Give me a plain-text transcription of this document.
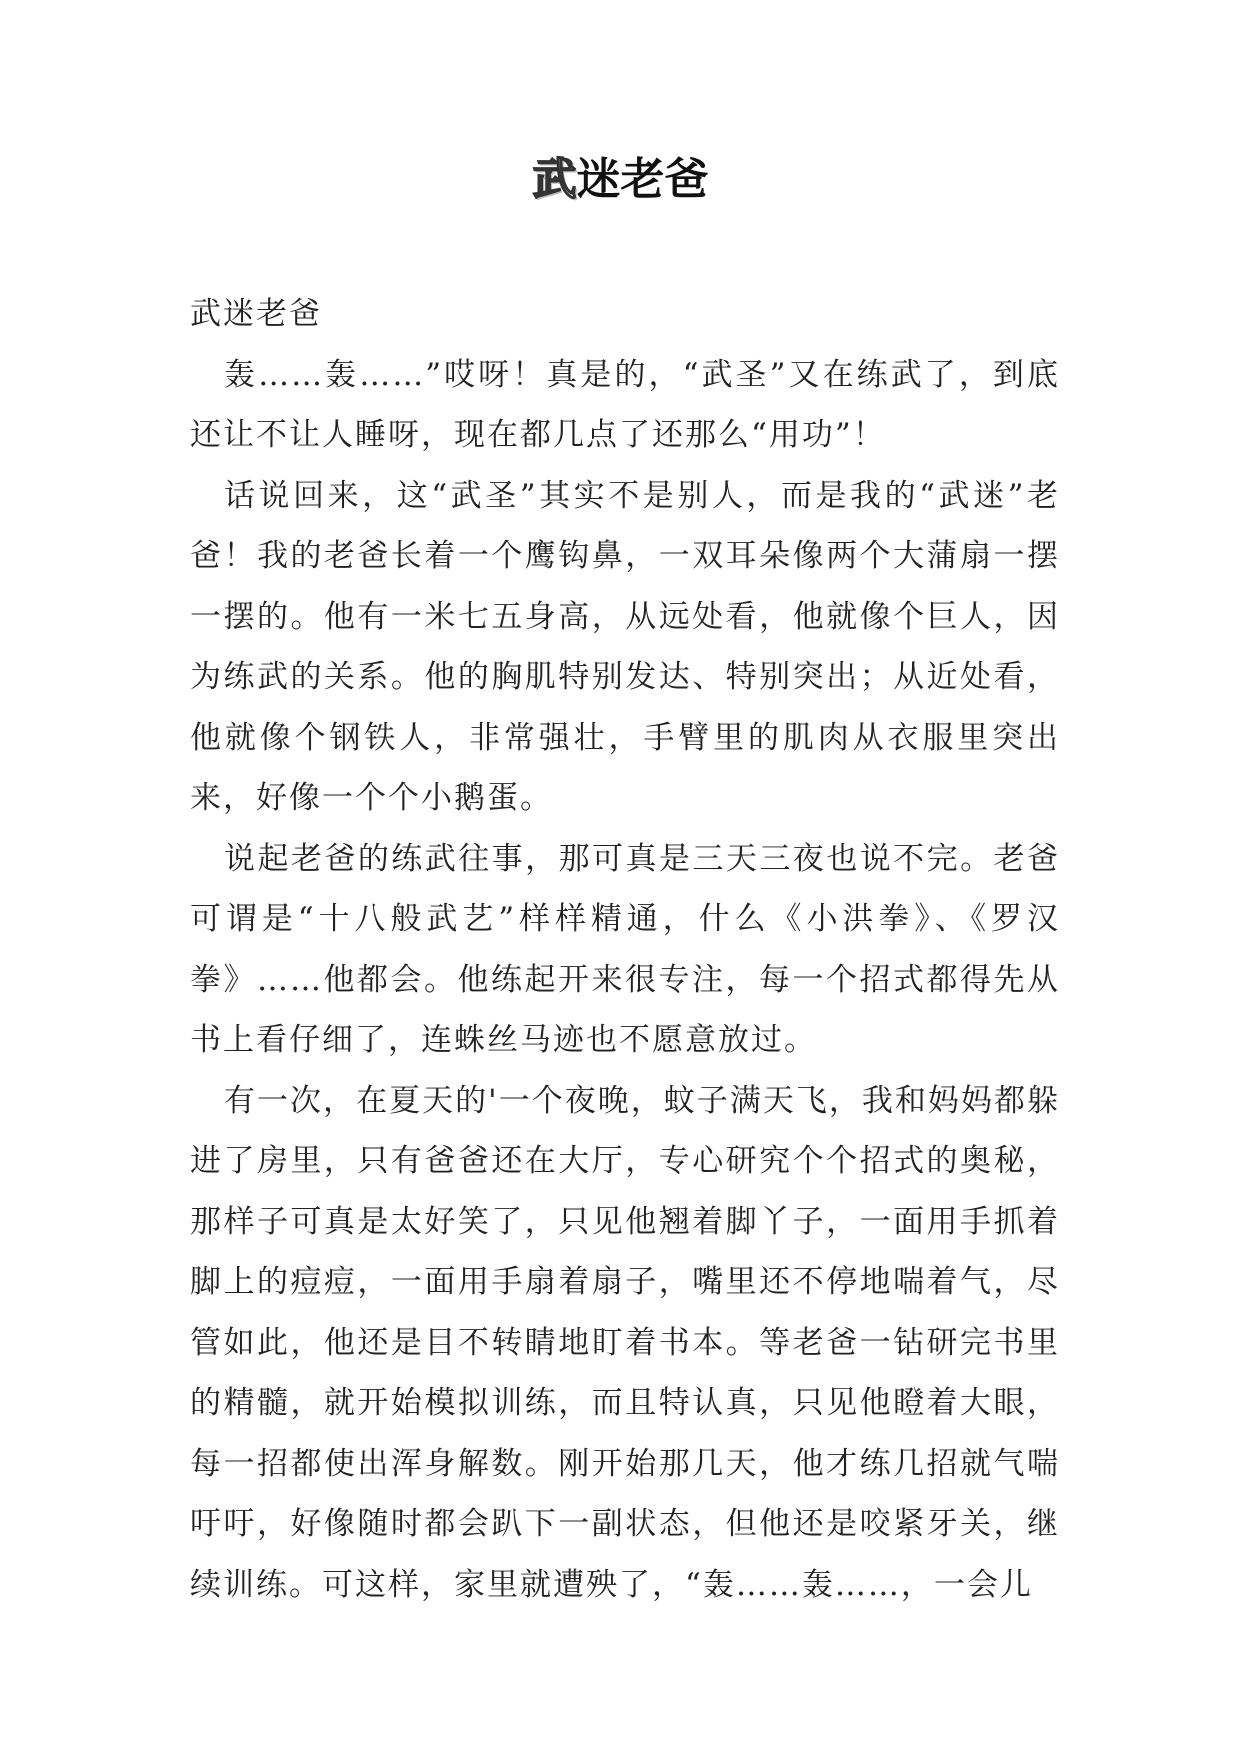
武迷老爸

武迷老爸

轰……轰……”哎呀！真是的，“武圣”又在练武了，到底还让不让人睡呀，现在都几点了还那么“用功”！

话说回来，这“武圣”其实不是别人，而是我的“武迷”老爸！我的老爸长着一个鹰钩鼻，一双耳朵像两个大蒲扇一摆一摆的。他有一米七五身高，从远处看，他就像个巨人，因为练武的关系。他的胸肌特别发达、特别突出；从近处看，他就像个钢铁人，非常强壮，手臂里的肌肉从衣服里突出来，好像一个个小鹅蛋。

说起老爸的练武往事，那可真是三天三夜也说不完。老爸可谓是“十八般武艺”样样精通，什么《小洪拳》、《罗汉拳》……他都会。他练起开来很专注，每一个招式都得先从书上看仔细了，连蛛丝马迹也不愿意放过。

有一次，在夏天的'一个夜晚，蚊子满天飞，我和妈妈都躲进了房里，只有爸爸还在大厅，专心研究个个招式的奥秘，那样子可真是太好笑了，只见他翘着脚丫子，一面用手抓着脚上的痘痘，一面用手扇着扇子，嘴里还不停地喘着气，尽管如此，他还是目不转睛地盯着书本。等老爸一钻研完书里的精髓，就开始模拟训练，而且特认真，只见他瞪着大眼，每一招都使出浑身解数。刚开始那几天，他才练几招就气喘吁吁，好像随时都会趴下一副状态，但他还是咬紧牙关，继续训练。可这样，家里就遭殃了，“轰……轰……，一会儿
